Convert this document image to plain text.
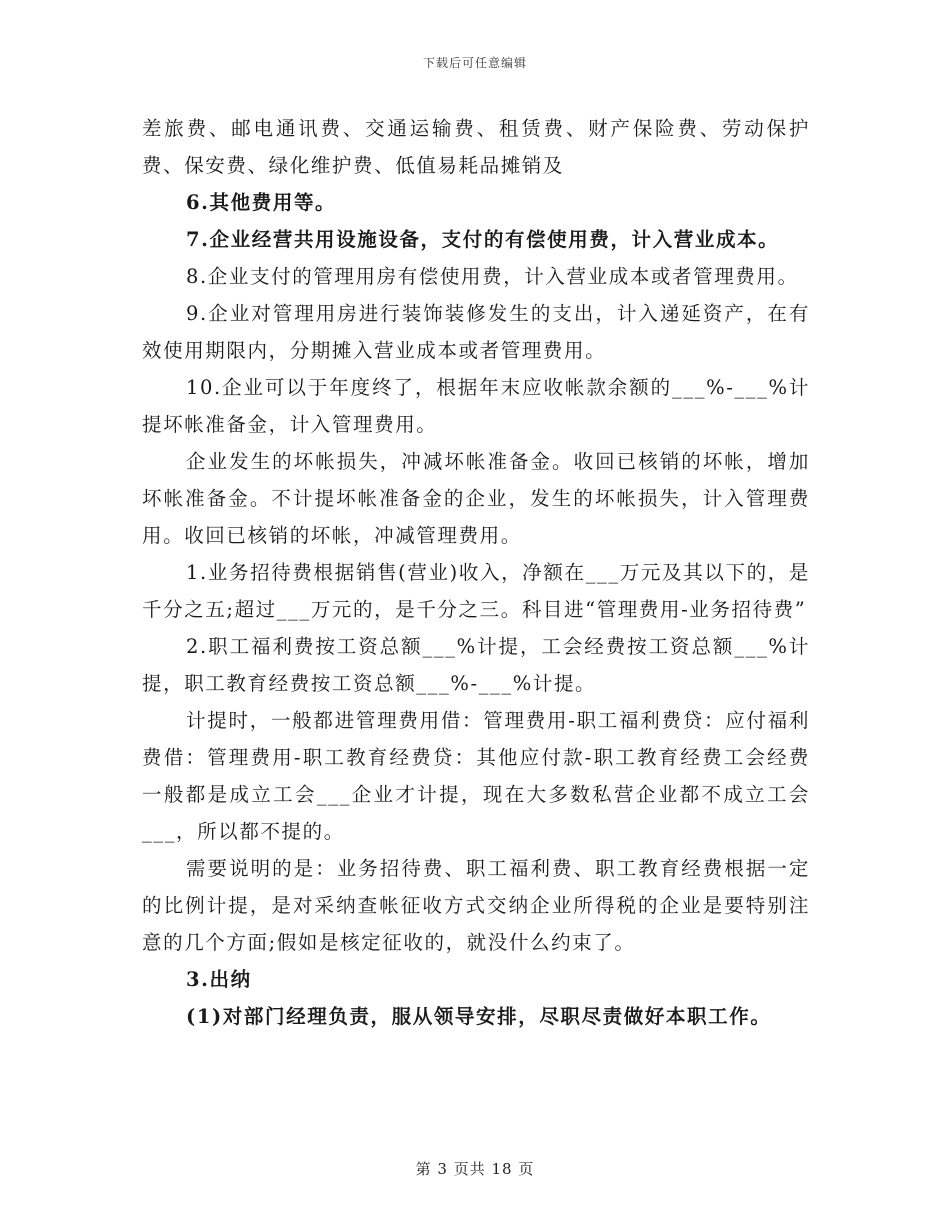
下载后可任意编辑

差旅费、邮电通讯费、交通运输费、租赁费、财产保险费、劳动保护费、保安费、绿化维护费、低值易耗品摊销及

6.其他费用等。

7.企业经营共用设施设备，支付的有偿使用费，计入营业成本。

8.企业支付的管理用房有偿使用费，计入营业成本或者管理费用。

9.企业对管理用房进行装饰装修发生的支出，计入递延资产，在有效使用期限内，分期摊入营业成本或者管理费用。

10.企业可以于年度终了，根据年末应收帐款余额的___%-___%计提坏帐准备金，计入管理费用。

企业发生的坏帐损失，冲减坏帐准备金。收回已核销的坏帐，增加坏帐准备金。不计提坏帐准备金的企业，发生的坏帐损失，计入管理费用。收回已核销的坏帐，冲减管理费用。

1.业务招待费根据销售(营业)收入，净额在___万元及其以下的，是千分之五;超过___万元的，是千分之三。科目进“管理费用-业务招待费”

2.职工福利费按工资总额___%计提，工会经费按工资总额___%计提，职工教育经费按工资总额___%-___%计提。

计提时，一般都进管理费用借：管理费用-职工福利费贷：应付福利费借：管理费用-职工教育经费贷：其他应付款-职工教育经费工会经费一般都是成立工会___企业才计提，现在大多数私营企业都不成立工会___，所以都不提的。

需要说明的是：业务招待费、职工福利费、职工教育经费根据一定的比例计提，是对采纳查帐征收方式交纳企业所得税的企业是要特别注意的几个方面;假如是核定征收的，就没什么约束了。

3.出纳

(1)对部门经理负责，服从领导安排，尽职尽责做好本职工作。

第 3 页共 18 页
